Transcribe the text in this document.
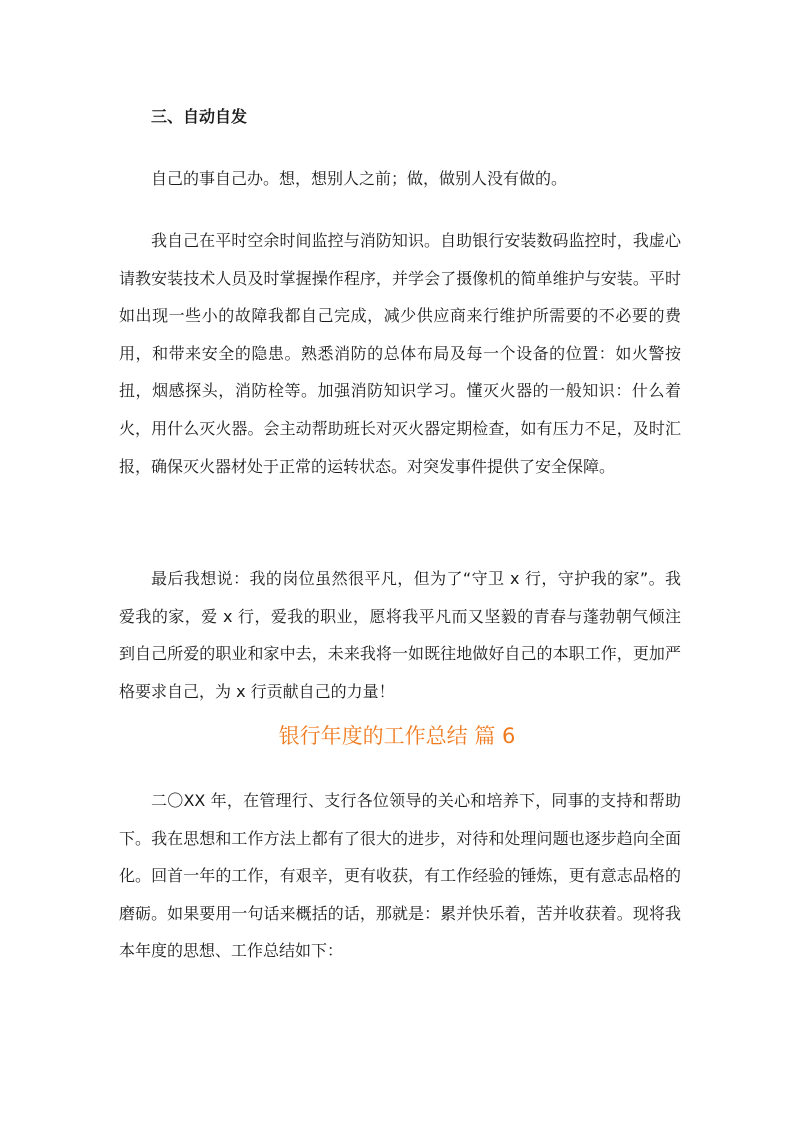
三、自动自发

自己的事自己办。想，想别人之前；做，做别人没有做的。

我自己在平时空余时间监控与消防知识。自助银行安装数码监控时，我虚心请教安装技术人员及时掌握操作程序，并学会了摄像机的简单维护与安装。平时如出现一些小的故障我都自己完成，减少供应商来行维护所需要的不必要的费用，和带来安全的隐患。熟悉消防的总体布局及每一个设备的位置：如火警按扭，烟感探头，消防栓等。加强消防知识学习。懂灭火器的一般知识：什么着火，用什么灭火器。会主动帮助班长对灭火器定期检查，如有压力不足，及时汇报，确保灭火器材处于正常的运转状态。对突发事件提供了安全保障。

最后我想说：我的岗位虽然很平凡，但为了“守卫 x 行，守护我的家”。我爱我的家，爱 x 行，爱我的职业，愿将我平凡而又坚毅的青春与蓬勃朝气倾注到自己所爱的职业和家中去，未来我将一如既往地做好自己的本职工作，更加严格要求自己，为 x 行贡献自己的力量！

银行年度的工作总结 篇 6

二〇XX 年，在管理行、支行各位领导的关心和培养下，同事的支持和帮助下。我在思想和工作方法上都有了很大的进步，对待和处理问题也逐步趋向全面化。回首一年的工作，有艰辛，更有收获，有工作经验的锤炼，更有意志品格的磨砺。如果要用一句话来概括的话，那就是：累并快乐着，苦并收获着。现将我本年度的思想、工作总结如下：
